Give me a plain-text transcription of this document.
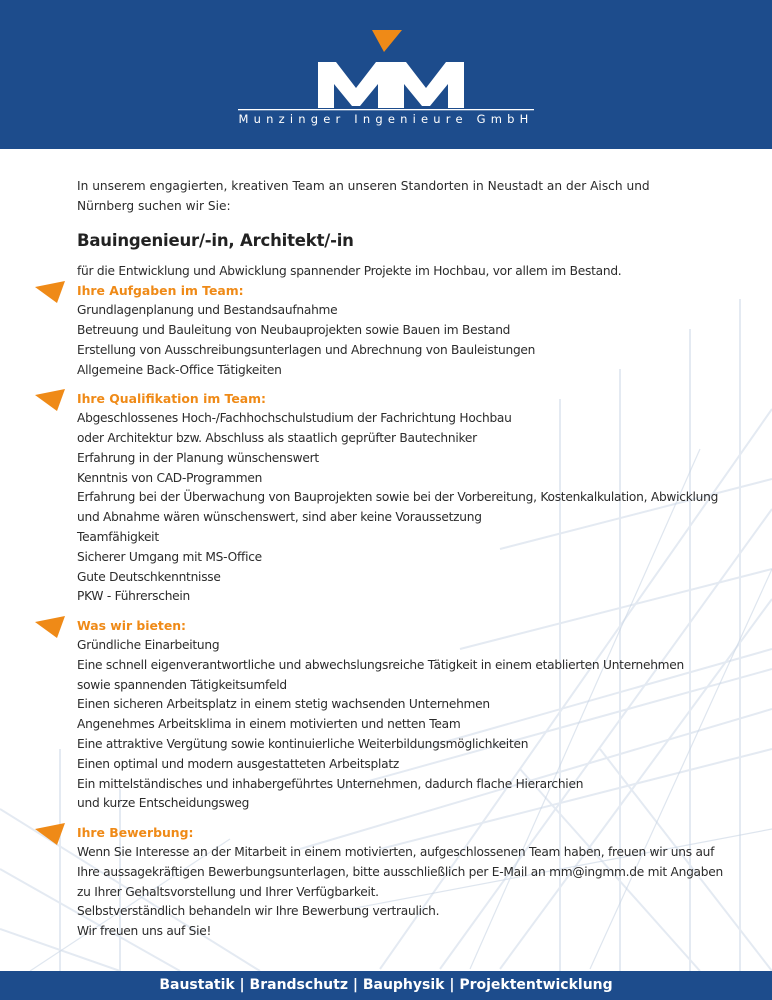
Munzinger Ingenieure GmbH

In unserem engagierten, kreativen Team an unseren Standorten in Neustadt an der Aisch und Nürnberg suchen wir Sie:

Bauingenieur/-in, Architekt/-in

für die Entwicklung und Abwicklung spannender Projekte im Hochbau, vor allem im Bestand.

Ihre Aufgaben im Team:

Grundlagenplanung und Bestandsaufnahme

Betreuung und Bauleitung von Neubauprojekten sowie Bauen im Bestand

Erstellung von Ausschreibungsunterlagen und Abrechnung von Bauleistungen

Allgemeine Back-Office Tätigkeiten

Ihre Qualifikation im Team:

Abgeschlossenes Hoch-/Fachhochschulstudium der Fachrichtung Hochbau

oder Architektur bzw. Abschluss als staatlich geprüfter Bautechniker

Erfahrung in der Planung wünschenswert

Kenntnis von CAD-Programmen

Erfahrung bei der Überwachung von Bauprojekten sowie bei der Vorbereitung, Kostenkalkulation, Abwicklung

und Abnahme wären wünschenswert, sind aber keine Voraussetzung

Teamfähigkeit

Sicherer Umgang mit MS-Office

Gute Deutschkenntnisse

PKW - Führerschein

Was wir bieten:

Gründliche Einarbeitung

Eine schnell eigenverantwortliche und abwechslungsreiche Tätigkeit in einem etablierten Unternehmen

sowie spannenden Tätigkeitsumfeld

Einen sicheren Arbeitsplatz in einem stetig wachsenden Unternehmen

Angenehmes Arbeitsklima in einem motivierten und netten Team

Eine attraktive Vergütung sowie kontinuierliche Weiterbildungsmöglichkeiten

Einen optimal und modern ausgestatteten Arbeitsplatz

Ein mittelständisches und inhabergeführtes Unternehmen, dadurch flache Hierarchien

und kurze Entscheidungsweg

Ihre Bewerbung:

Wenn Sie Interesse an der Mitarbeit in einem motivierten, aufgeschlossenen Team haben, freuen wir uns auf

Ihre aussagekräftigen Bewerbungsunterlagen, bitte ausschließlich per E-Mail an mm@ingmm.de mit Angaben

zu Ihrer Gehaltsvorstellung und Ihrer Verfügbarkeit.

Selbstverständlich behandeln wir Ihre Bewerbung vertraulich.

Wir freuen uns auf Sie!

Baustatik | Brandschutz | Bauphysik | Projektentwicklung
